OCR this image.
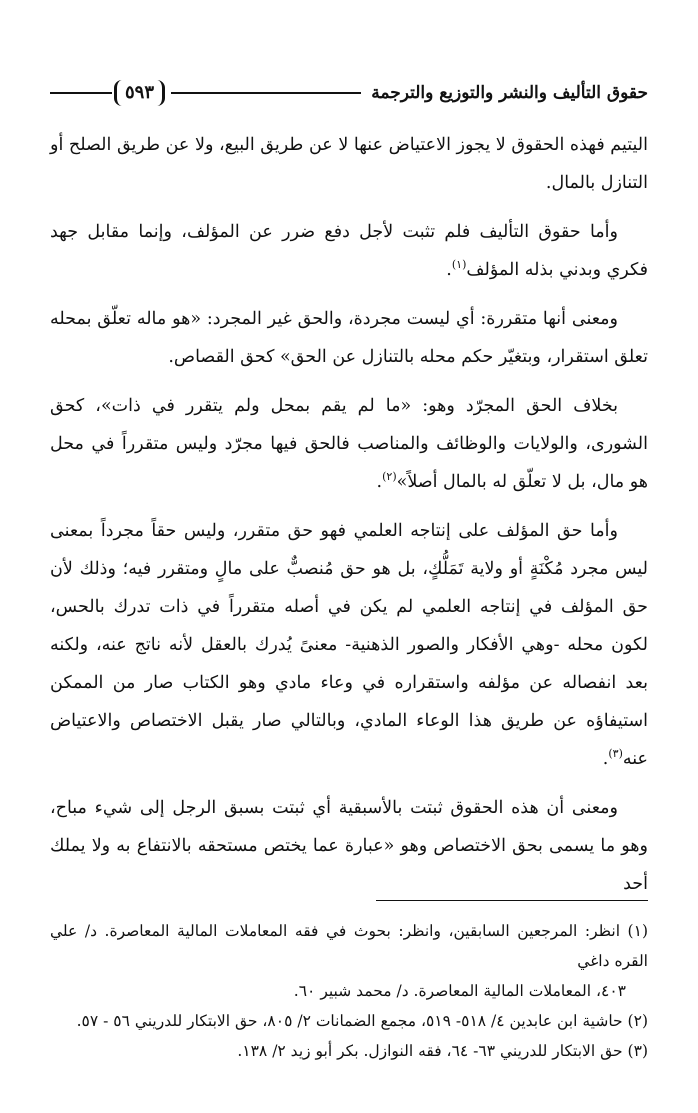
حقوق التأليف والنشر والتوزيع والترجمة
٥٩٣

اليتيم فهذه الحقوق لا يجوز الاعتياض عنها لا عن طريق البيع، ولا عن طريق الصلح أو التنازل بالمال.

وأما حقوق التأليف فلم تثبت لأجل دفع ضرر عن المؤلف، وإنما مقابل جهد فكري وبدني بذله المؤلف$^{(١)}$.

ومعنى أنها متقررة: أي ليست مجردة، والحق غير المجرد: «هو ماله تعلّق بمحله تعلق استقرار، وبتغيّر حكم محله بالتنازل عن الحق» كحق القصاص.

بخلاف الحق المجرّد وهو: «ما لم يقم بمحل ولم يتقرر في ذات»، كحق الشورى، والولايات والوظائف والمناصب فالحق فيها مجرّد وليس متقرراً في محل هو مال، بل لا تعلّق له بالمال أصلاً»$^{(٢)}$.

وأما حق المؤلف على إنتاجه العلمي فهو حق متقرر، وليس حقاً مجرداً بمعنى ليس مجرد مُكْنَةٍ أو ولاية تَمَلُّكٍ، بل هو حق مُنصبٌّ على مالٍ ومتقرر فيه؛ وذلك لأن حق المؤلف في إنتاجه العلمي لم يكن في أصله متقرراً في ذات تدرك بالحس، لكون محله -وهي الأفكار والصور الذهنية- معنىً يُدرك بالعقل لأنه ناتج عنه، ولكنه بعد انفصاله عن مؤلفه واستقراره في وعاء مادي وهو الكتاب صار من الممكن استيفاؤه عن طريق هذا الوعاء المادي، وبالتالي صار يقبل الاختصاص والاعتياض عنه$^{(٣)}$.

ومعنى أن هذه الحقوق ثبتت بالأسبقية أي ثبتت بسبق الرجل إلى شيء مباح، وهو ما يسمى بحق الاختصاص وهو «عبارة عما يختص مستحقه بالانتفاع به ولا يملك أحد

(١) انظر: المرجعين السابقين، وانظر: بحوث في فقه المعاملات المالية المعاصرة. د/ علي القره داغي

٤٠٣، المعاملات المالية المعاصرة. د/ محمد شبير ٦٠.

(٢) حاشية ابن عابدين ٤/ ٥١٨- ٥١٩، مجمع الضمانات ٢/ ٨٠٥، حق الابتكار للدريني ٥٦ - ٥٧.

(٣) حق الابتكار للدريني ٦٣- ٦٤، فقه النوازل. بكر أبو زيد ٢/ ١٣٨.
